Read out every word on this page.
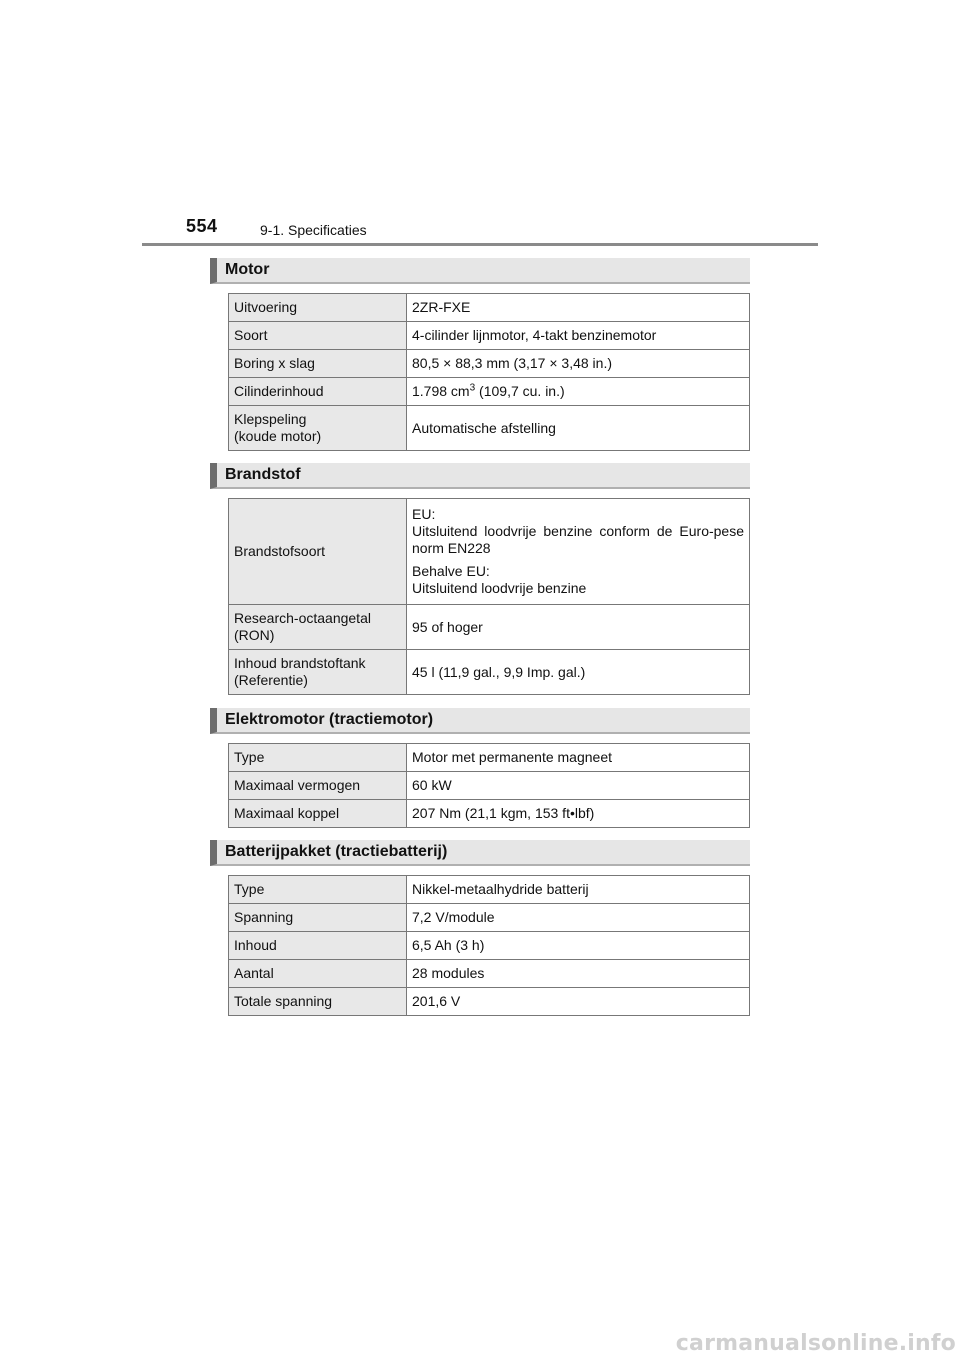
554	9-1. Specificaties
Motor
Uitvoering	2ZR-FXE
Soort	4-cilinder lijnmotor, 4-takt benzinemotor
Boring x slag	80,5 × 88,3 mm (3,17 × 3,48 in.)
Cilinderinhoud	1.798 $cm^3$ (109,7 cu. in.)
Klepspeling
(koude motor)	Automatische afstelling
Brandstof
Brandstofsoort	EU:

Uitsluitend loodvrije benzine conform de Euro-pese norm EN228

Behalve EU:

Uitsluitend loodvrije benzine

Research-octaangetal
(RON)	95 of hoger
Inhoud brandstoftank
(Referentie)	45 l (11,9 gal., 9,9 Imp. gal.)
Elektromotor (tractiemotor)
Type	Motor met permanente magneet
Maximaal vermogen	60 kW
Maximaal koppel	207 Nm (21,1 kgm, 153 ft•lbf)
Batterijpakket (tractiebatterij)
Type	Nikkel-metaalhydride batterij
Spanning	7,2 V/module
Inhoud	6,5 Ah (3 h)
Aantal	28 modules
Totale spanning	201,6 V
carmanualsonline.info
